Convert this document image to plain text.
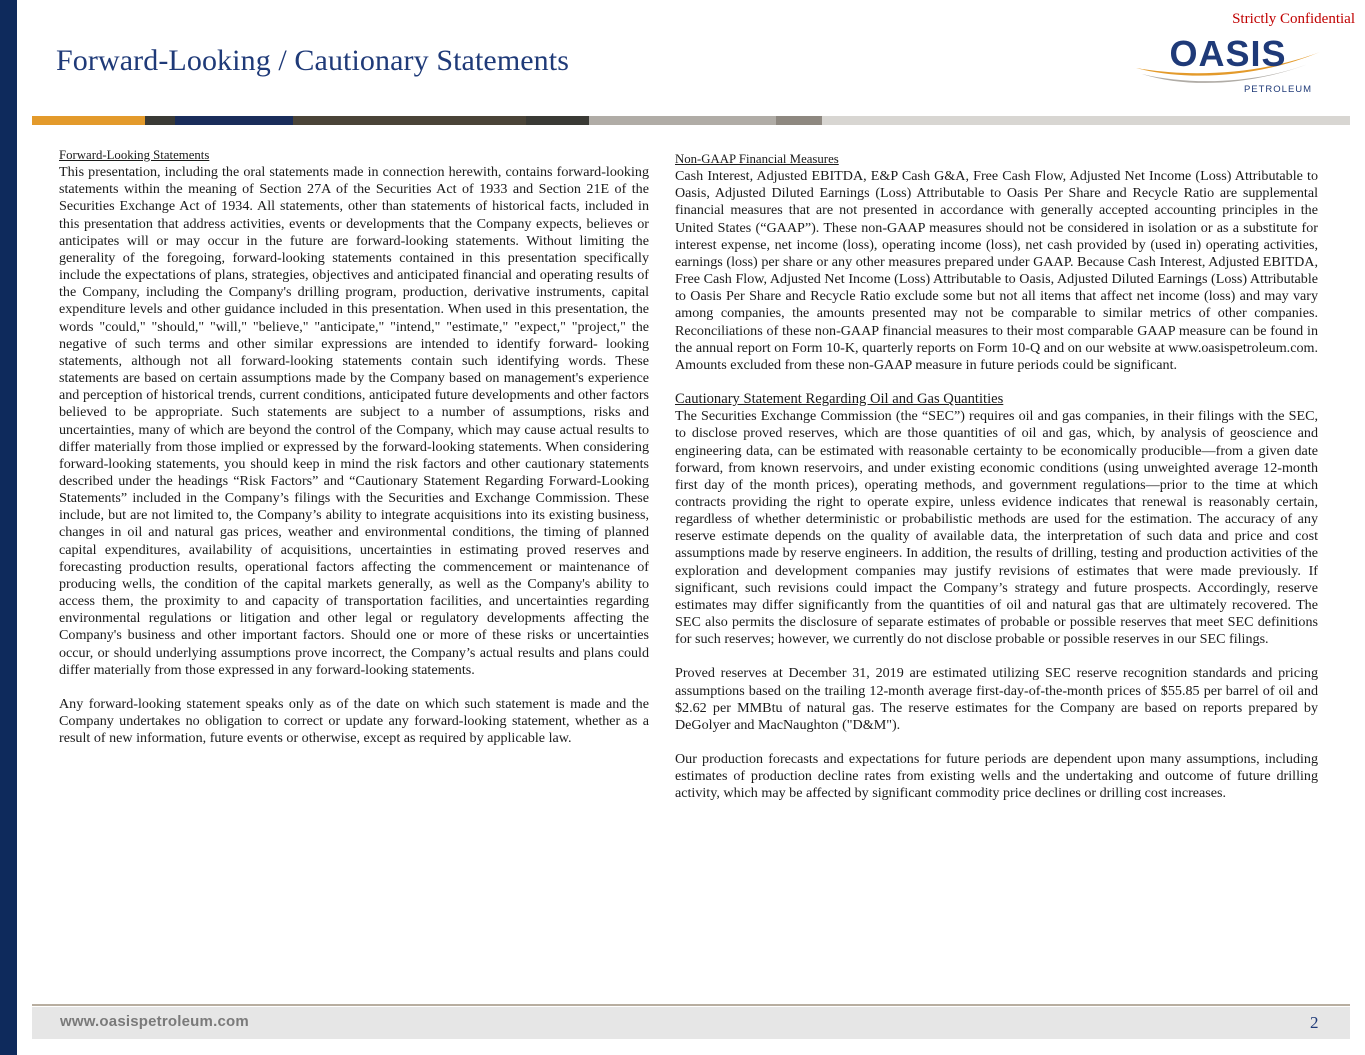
Strictly Confidential
Forward-Looking / Cautionary Statements	OASIS
PETROLEUM
Forward-Looking Statements
This presentation, including the oral statements made in connection herewith, contains forward-looking statements within the meaning of Section 27A of the Securities Act of 1933 and Section 21E of the Securities Exchange Act of 1934. All statements, other than statements of historical facts, included in this presentation that address activities, events or developments that the Company expects, believes or anticipates will or may occur in the future are forward-looking statements. Without limiting the generality of the foregoing, forward-looking statements contained in this presentation specifically include the expectations of plans, strategies, objectives and anticipated financial and operating results of the Company, including the Company's drilling program, production, derivative instruments, capital expenditure levels and other guidance included in this presentation. When used in this presentation, the words "could," "should," "will," "believe," "anticipate," "intend," "estimate," "expect," "project," the negative of such terms and other similar expressions are intended to identify forward- looking statements, although not all forward-looking statements contain such identifying words. These statements are based on certain assumptions made by the Company based on management's experience and perception of historical trends, current conditions, anticipated future developments and other factors believed to be appropriate. Such statements are subject to a number of assumptions, risks and uncertainties, many of which are beyond the control of the Company, which may cause actual results to differ materially from those implied or expressed by the forward-looking statements. When considering forward-looking statements, you should keep in mind the risk factors and other cautionary statements described under the headings “Risk Factors” and “Cautionary Statement Regarding Forward-Looking Statements” included in the Company’s filings with the Securities and Exchange Commission. These include, but are not limited to, the Company’s ability to integrate acquisitions into its existing business, changes in oil and natural gas prices, weather and environmental conditions, the timing of planned capital expenditures, availability of acquisitions, uncertainties in estimating proved reserves and forecasting production results, operational factors affecting the commencement or maintenance of producing wells, the condition of the capital markets generally, as well as the Company's ability to access them, the proximity to and capacity of transportation facilities, and uncertainties regarding environmental regulations or litigation and other legal or regulatory developments affecting the Company's business and other important factors. Should one or more of these risks or uncertainties occur, or should underlying assumptions prove incorrect, the Company’s actual results and plans could differ materially from those expressed in any forward-looking statements.
Any forward-looking statement speaks only as of the date on which such statement is made and the Company undertakes no obligation to correct or update any forward-looking statement, whether as a result of new information, future events or otherwise, except as required by applicable law.
Non-GAAP Financial Measures
Cash Interest, Adjusted EBITDA, E&P Cash G&A, Free Cash Flow, Adjusted Net Income (Loss) Attributable to Oasis, Adjusted Diluted Earnings (Loss) Attributable to Oasis Per Share and Recycle Ratio are supplemental financial measures that are not presented in accordance with generally accepted accounting principles in the United States (“GAAP”). These non-GAAP measures should not be considered in isolation or as a substitute for interest expense, net income (loss), operating income (loss), net cash provided by (used in) operating activities, earnings (loss) per share or any other measures prepared under GAAP. Because Cash Interest, Adjusted EBITDA, Free Cash Flow, Adjusted Net Income (Loss) Attributable to Oasis, Adjusted Diluted Earnings (Loss) Attributable to Oasis Per Share and Recycle Ratio exclude some but not all items that affect net income (loss) and may vary among companies, the amounts presented may not be comparable to similar metrics of other companies. Reconciliations of these non-GAAP financial measures to their most comparable GAAP measure can be found in the annual report on Form 10-K, quarterly reports on Form 10-Q and on our website at www.oasispetroleum.com. Amounts excluded from these non-GAAP measure in future periods could be significant.
Cautionary Statement Regarding Oil and Gas Quantities
The Securities Exchange Commission (the “SEC”) requires oil and gas companies, in their filings with the SEC, to disclose proved reserves, which are those quantities of oil and gas, which, by analysis of geoscience and engineering data, can be estimated with reasonable certainty to be economically producible—from a given date forward, from known reservoirs, and under existing economic conditions (using unweighted average 12-month first day of the month prices), operating methods, and government regulations—prior to the time at which contracts providing the right to operate expire, unless evidence indicates that renewal is reasonably certain, regardless of whether deterministic or probabilistic methods are used for the estimation. The accuracy of any reserve estimate depends on the quality of available data, the interpretation of such data and price and cost assumptions made by reserve engineers. In addition, the results of drilling, testing and production activities of the exploration and development companies may justify revisions of estimates that were made previously. If significant, such revisions could impact the Company’s strategy and future prospects. Accordingly, reserve estimates may differ significantly from the quantities of oil and natural gas that are ultimately recovered. The SEC also permits the disclosure of separate estimates of probable or possible reserves that meet SEC definitions for such reserves; however, we currently do not disclose probable or possible reserves in our SEC filings.
Proved reserves at December 31, 2019 are estimated utilizing SEC reserve recognition standards and pricing assumptions based on the trailing 12-month average first-day-of-the-month prices of $55.85 per barrel of oil and $2.62 per MMBtu of natural gas. The reserve estimates for the Company are based on reports prepared by DeGolyer and MacNaughton ("D&M").
Our production forecasts and expectations for future periods are dependent upon many assumptions, including estimates of production decline rates from existing wells and the undertaking and outcome of future drilling activity, which may be affected by significant commodity price declines or drilling cost increases.
www.oasispetroleum.com	2
